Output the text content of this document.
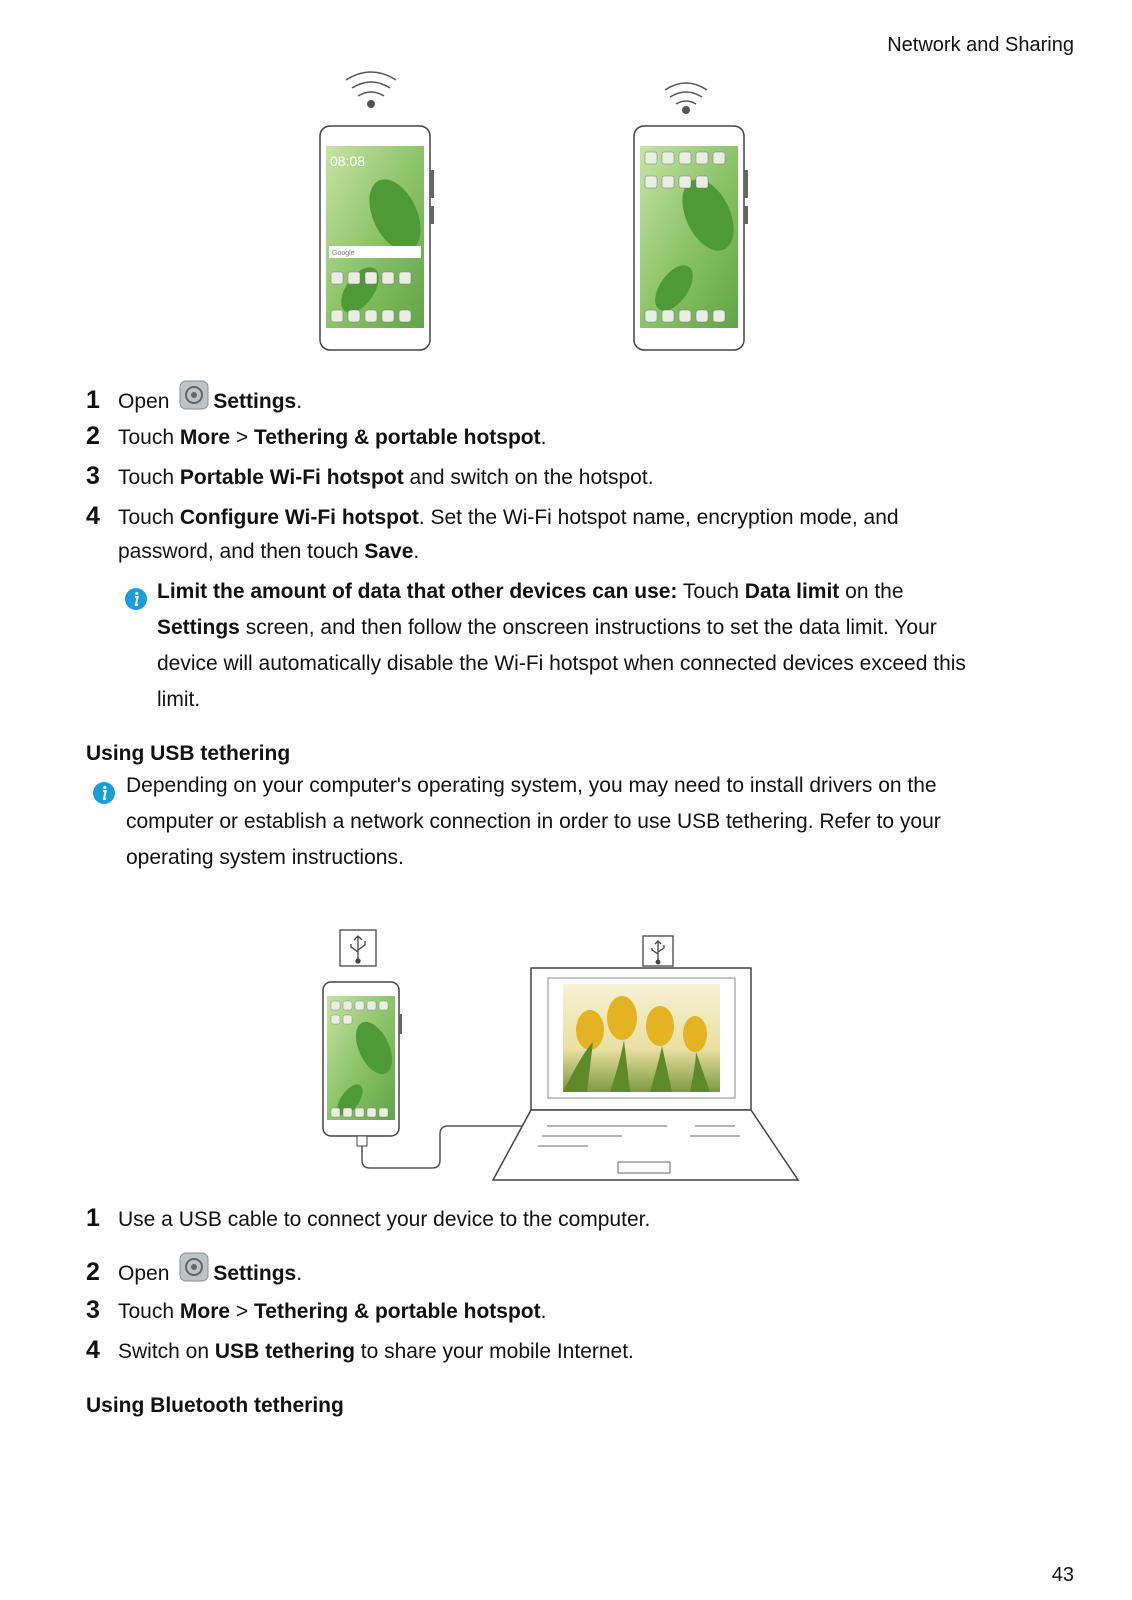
Network and Sharing
08:08
Google
1 Open Settings.
2 Touch More > Tethering & portable hotspot.
3 Touch Portable Wi-Fi hotspot and switch on the hotspot.
4 Touch Configure Wi-Fi hotspot. Set the Wi-Fi hotspot name, encryption mode, and
password, and then touch Save.
Limit the amount of data that other devices can use: Touch Data limit on the
Settings screen, and then follow the onscreen instructions to set the data limit. Your
device will automatically disable the Wi-Fi hotspot when connected devices exceed this
limit.
Using USB tethering
Depending on your computer's operating system, you may need to install drivers on the
computer or establish a network connection in order to use USB tethering. Refer to your
operating system instructions.
1 Use a USB cable to connect your device to the computer.
2 Open Settings.
3 Touch More > Tethering & portable hotspot.
4 Switch on USB tethering to share your mobile Internet.
Using Bluetooth tethering
43
